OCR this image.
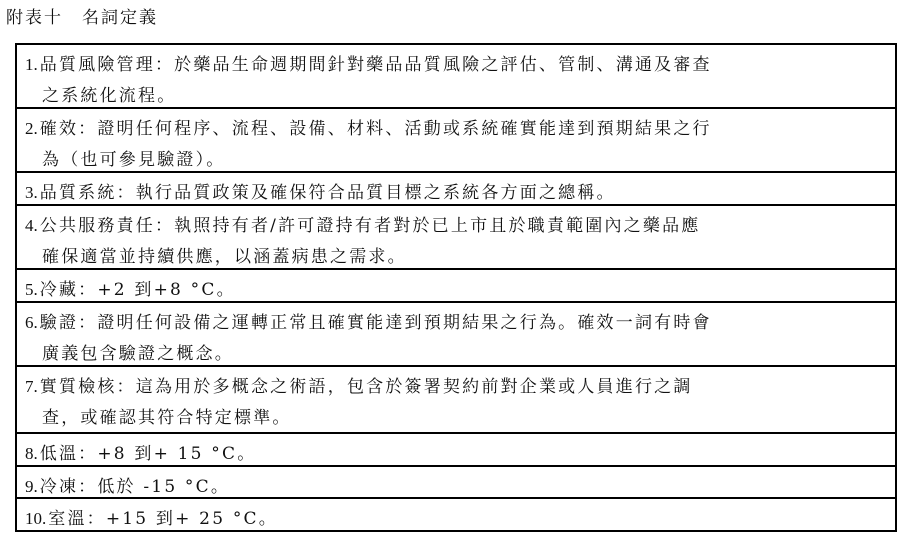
附表十　名詞定義
1. 品質風險管理：於藥品生命週期間針對藥品品質風險之評估、管制、溝通及審查
之系統化流程。
2. 確效：證明任何程序、流程、設備、材料、活動或系統確實能達到預期結果之行
為（也可參見驗證）。
3. 品質系統：執行品質政策及確保符合品質目標之系統各方面之總稱。
4. 公共服務責任：執照持有者/許可證持有者對於已上市且於職責範圍內之藥品應
確保適當並持續供應，以涵蓋病患之需求。
5. 冷藏：+2 到+8 °C。
6. 驗證：證明任何設備之運轉正常且確實能達到預期結果之行為。確效一詞有時會
廣義包含驗證之概念。
7. 實質檢核：這為用於多概念之術語，包含於簽署契約前對企業或人員進行之調
查，或確認其符合特定標準。
8. 低溫：+8 到+ 15 °C。
9. 冷凍：低於 -15 °C。
10. 室溫：+15 到+ 25 °C。
